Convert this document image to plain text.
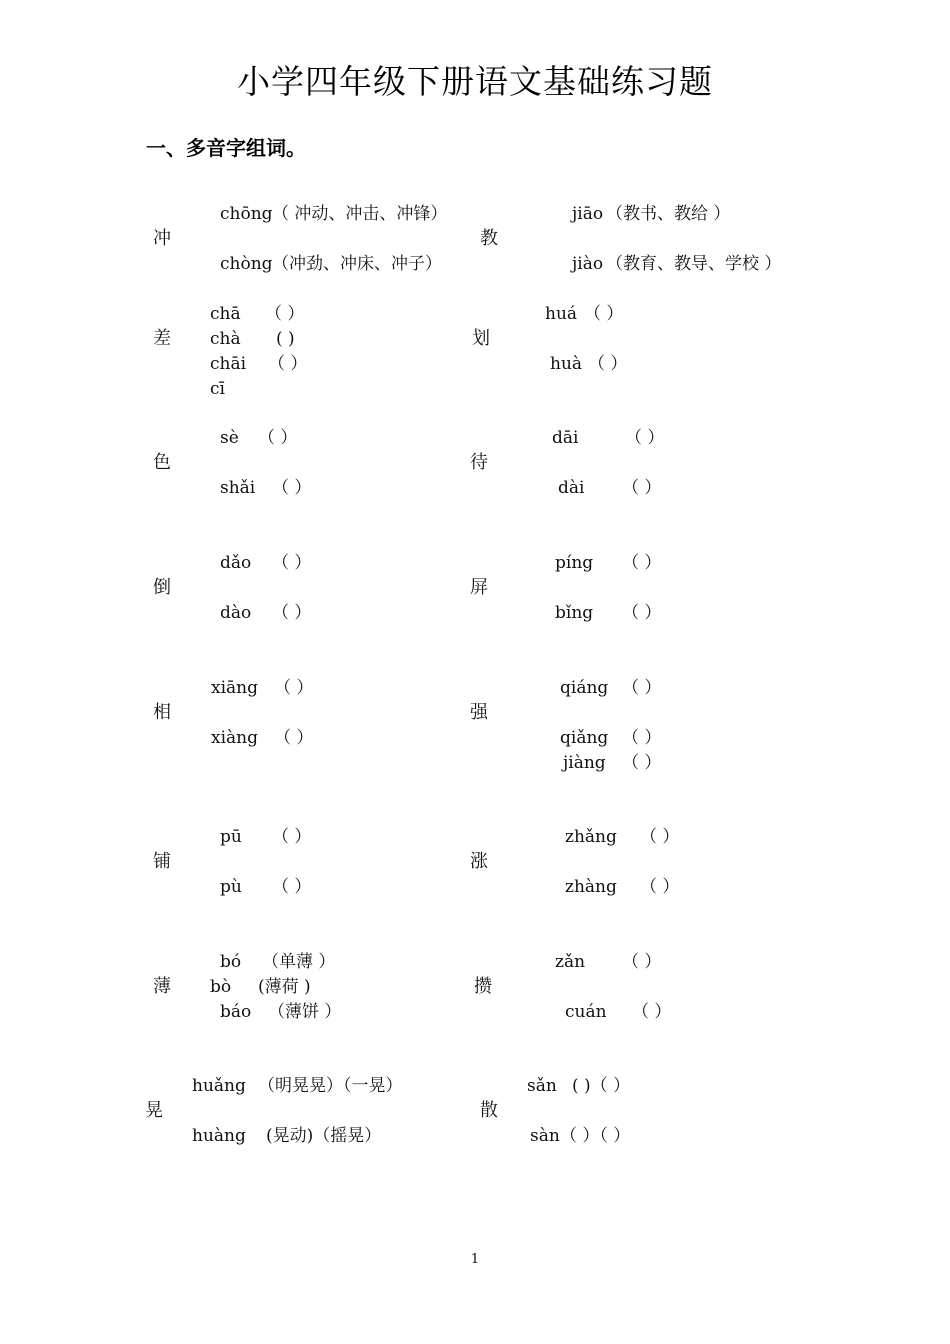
小学四年级下册语文基础练习题
一、多音字组词。
冲
chōng （ 冲动、冲击、冲锋）
chòng （冲劲、冲床、冲子）
教
jiāo （教书、教给 ）
jiào （教育、教导、学校 ）
差
chā （ ）
chà ( )
chāi （ ）
cī
划
huá （ ）
huà （ ）
色
sè （ ）
shǎi （ ）
待
dāi	（ ）
dài （ ）
倒
dǎo （ ）
dào （ ）
屏
píng （ ）
bǐng （ ）
相
xiāng （ ）
xiàng （ ）
强
qiáng （ ）
qiǎng （ ）
jiàng （ ）
铺
pū （ ）
pù （ ）
涨
zhǎng （ ）
zhàng （ ）
薄
bó （单薄 ）
bò (薄荷 )
báo （薄饼 ）
攒
zǎn （ ）
cuán （ ）
晃
huǎng （明晃晃）（一晃）
huàng (晃动)（摇晃）
散
sǎn ( )（ ）
sàn （ ）（ ）
1
